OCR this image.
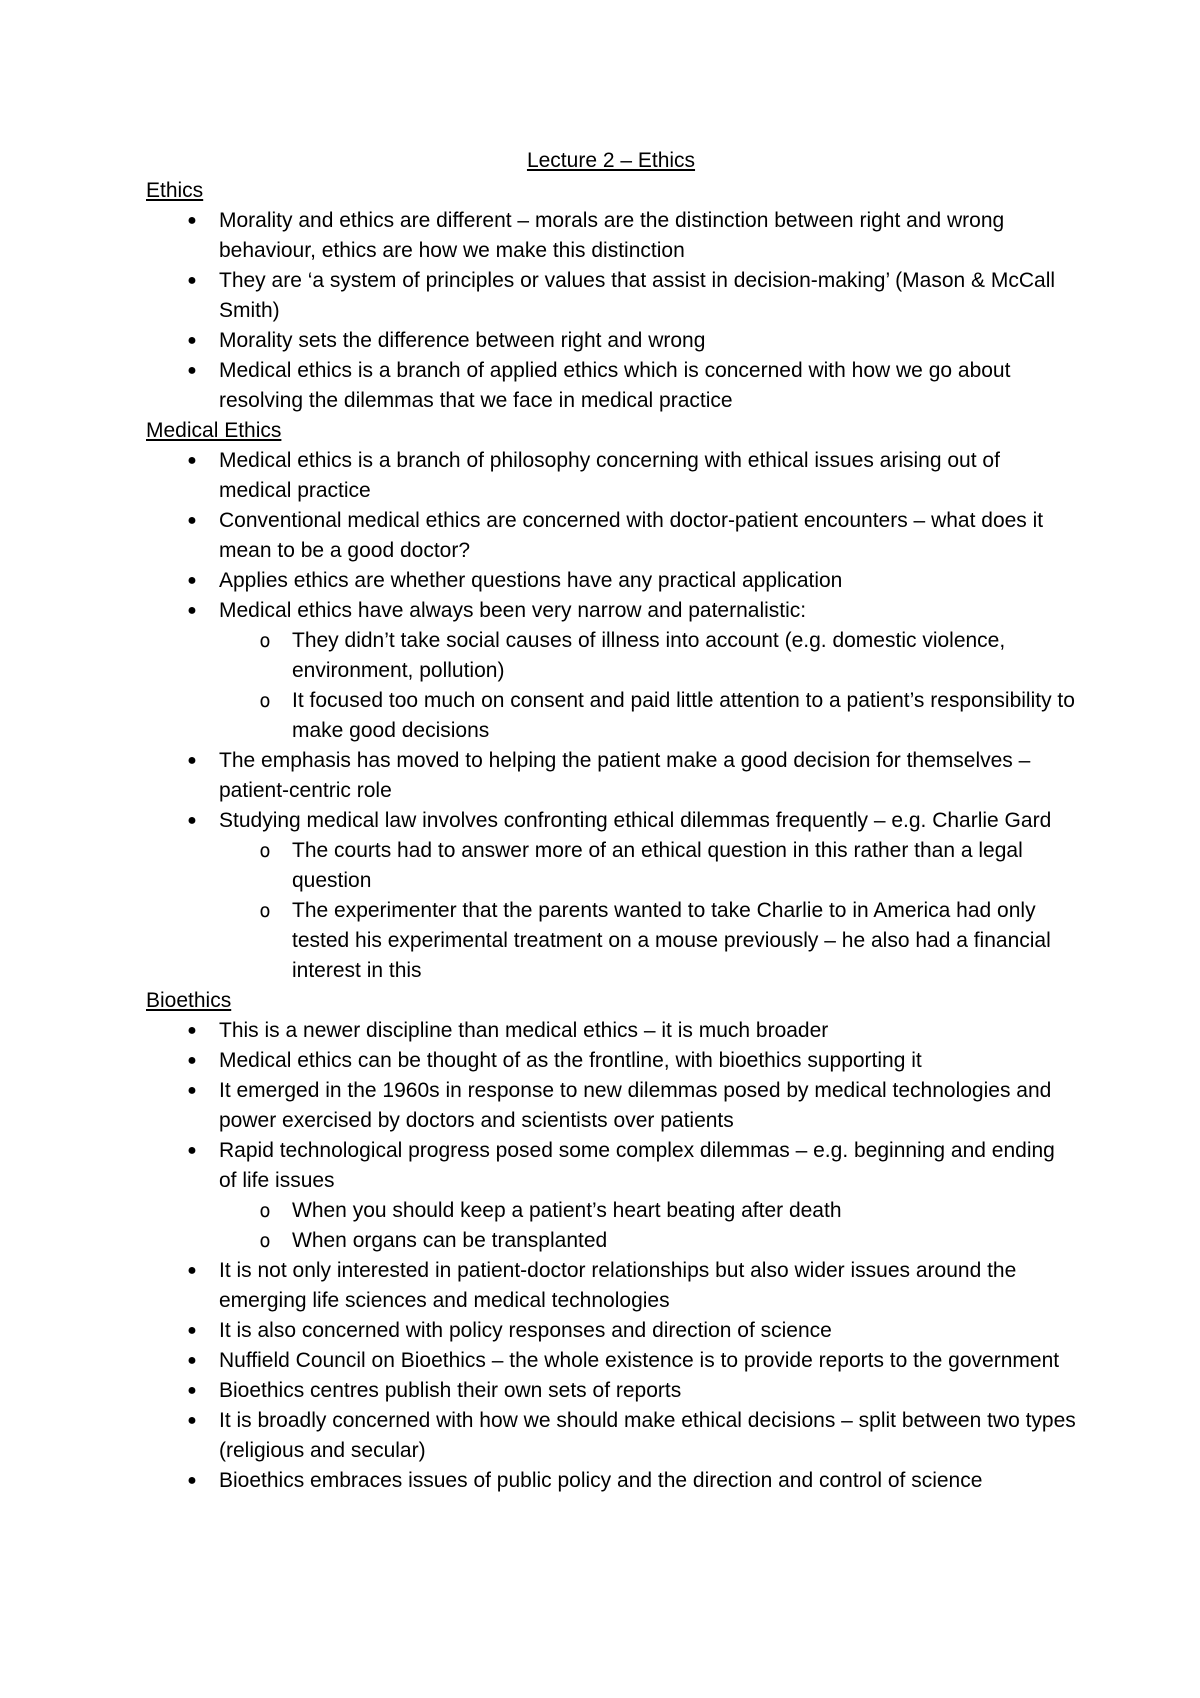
Lecture 2 – Ethics
Ethics
● Morality and ethics are different – morals are the distinction between right and wrong behaviour, ethics are how we make this distinction
● They are ‘a system of principles or values that assist in decision-making’ (Mason & McCall Smith)
● Morality sets the difference between right and wrong
● Medical ethics is a branch of applied ethics which is concerned with how we go about resolving the dilemmas that we face in medical practice
Medical Ethics
● Medical ethics is a branch of philosophy concerning with ethical issues arising out of medical practice
● Conventional medical ethics are concerned with doctor-patient encounters – what does it mean to be a good doctor?
● Applies ethics are whether questions have any practical application
● Medical ethics have always been very narrow and paternalistic:
o They didn’t take social causes of illness into account (e.g. domestic violence, environment, pollution)
o It focused too much on consent and paid little attention to a patient’s responsibility to make good decisions
● The emphasis has moved to helping the patient make a good decision for themselves – patient-centric role
● Studying medical law involves confronting ethical dilemmas frequently – e.g. Charlie Gard
o The courts had to answer more of an ethical question in this rather than a legal question
o The experimenter that the parents wanted to take Charlie to in America had only tested his experimental treatment on a mouse previously – he also had a financial interest in this
Bioethics
● This is a newer discipline than medical ethics – it is much broader
● Medical ethics can be thought of as the frontline, with bioethics supporting it
● It emerged in the 1960s in response to new dilemmas posed by medical technologies and power exercised by doctors and scientists over patients
● Rapid technological progress posed some complex dilemmas – e.g. beginning and ending of life issues
o When you should keep a patient’s heart beating after death
o When organs can be transplanted
● It is not only interested in patient-doctor relationships but also wider issues around the emerging life sciences and medical technologies
● It is also concerned with policy responses and direction of science
● Nuffield Council on Bioethics – the whole existence is to provide reports to the government
● Bioethics centres publish their own sets of reports
● It is broadly concerned with how we should make ethical decisions – split between two types (religious and secular)
● Bioethics embraces issues of public policy and the direction and control of science
